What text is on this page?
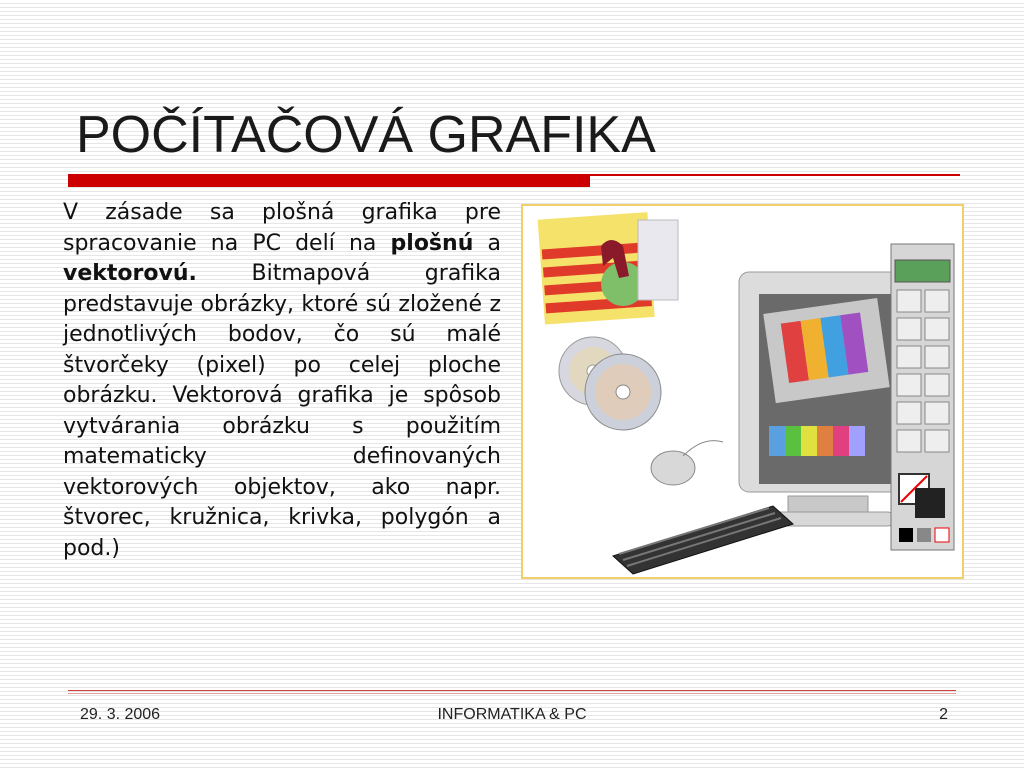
POČÍTAČOVÁ GRAFIKA
V zásade sa plošná grafika pre spracovanie na PC delí na plošnú a vektorovú. Bitmapová grafika predstavuje obrázky, ktoré sú zložené z jednotlivých bodov, čo sú malé štvorčeky (pixel) po celej ploche obrázku. Vektorová grafika je spôsob vytvárania obrázku s použitím matematicky definovaných vektorových objektov, ako napr. štvorec, kružnica, krivka, polygón a pod.)
29. 3. 2006	INFORMATIKA & PC	2
